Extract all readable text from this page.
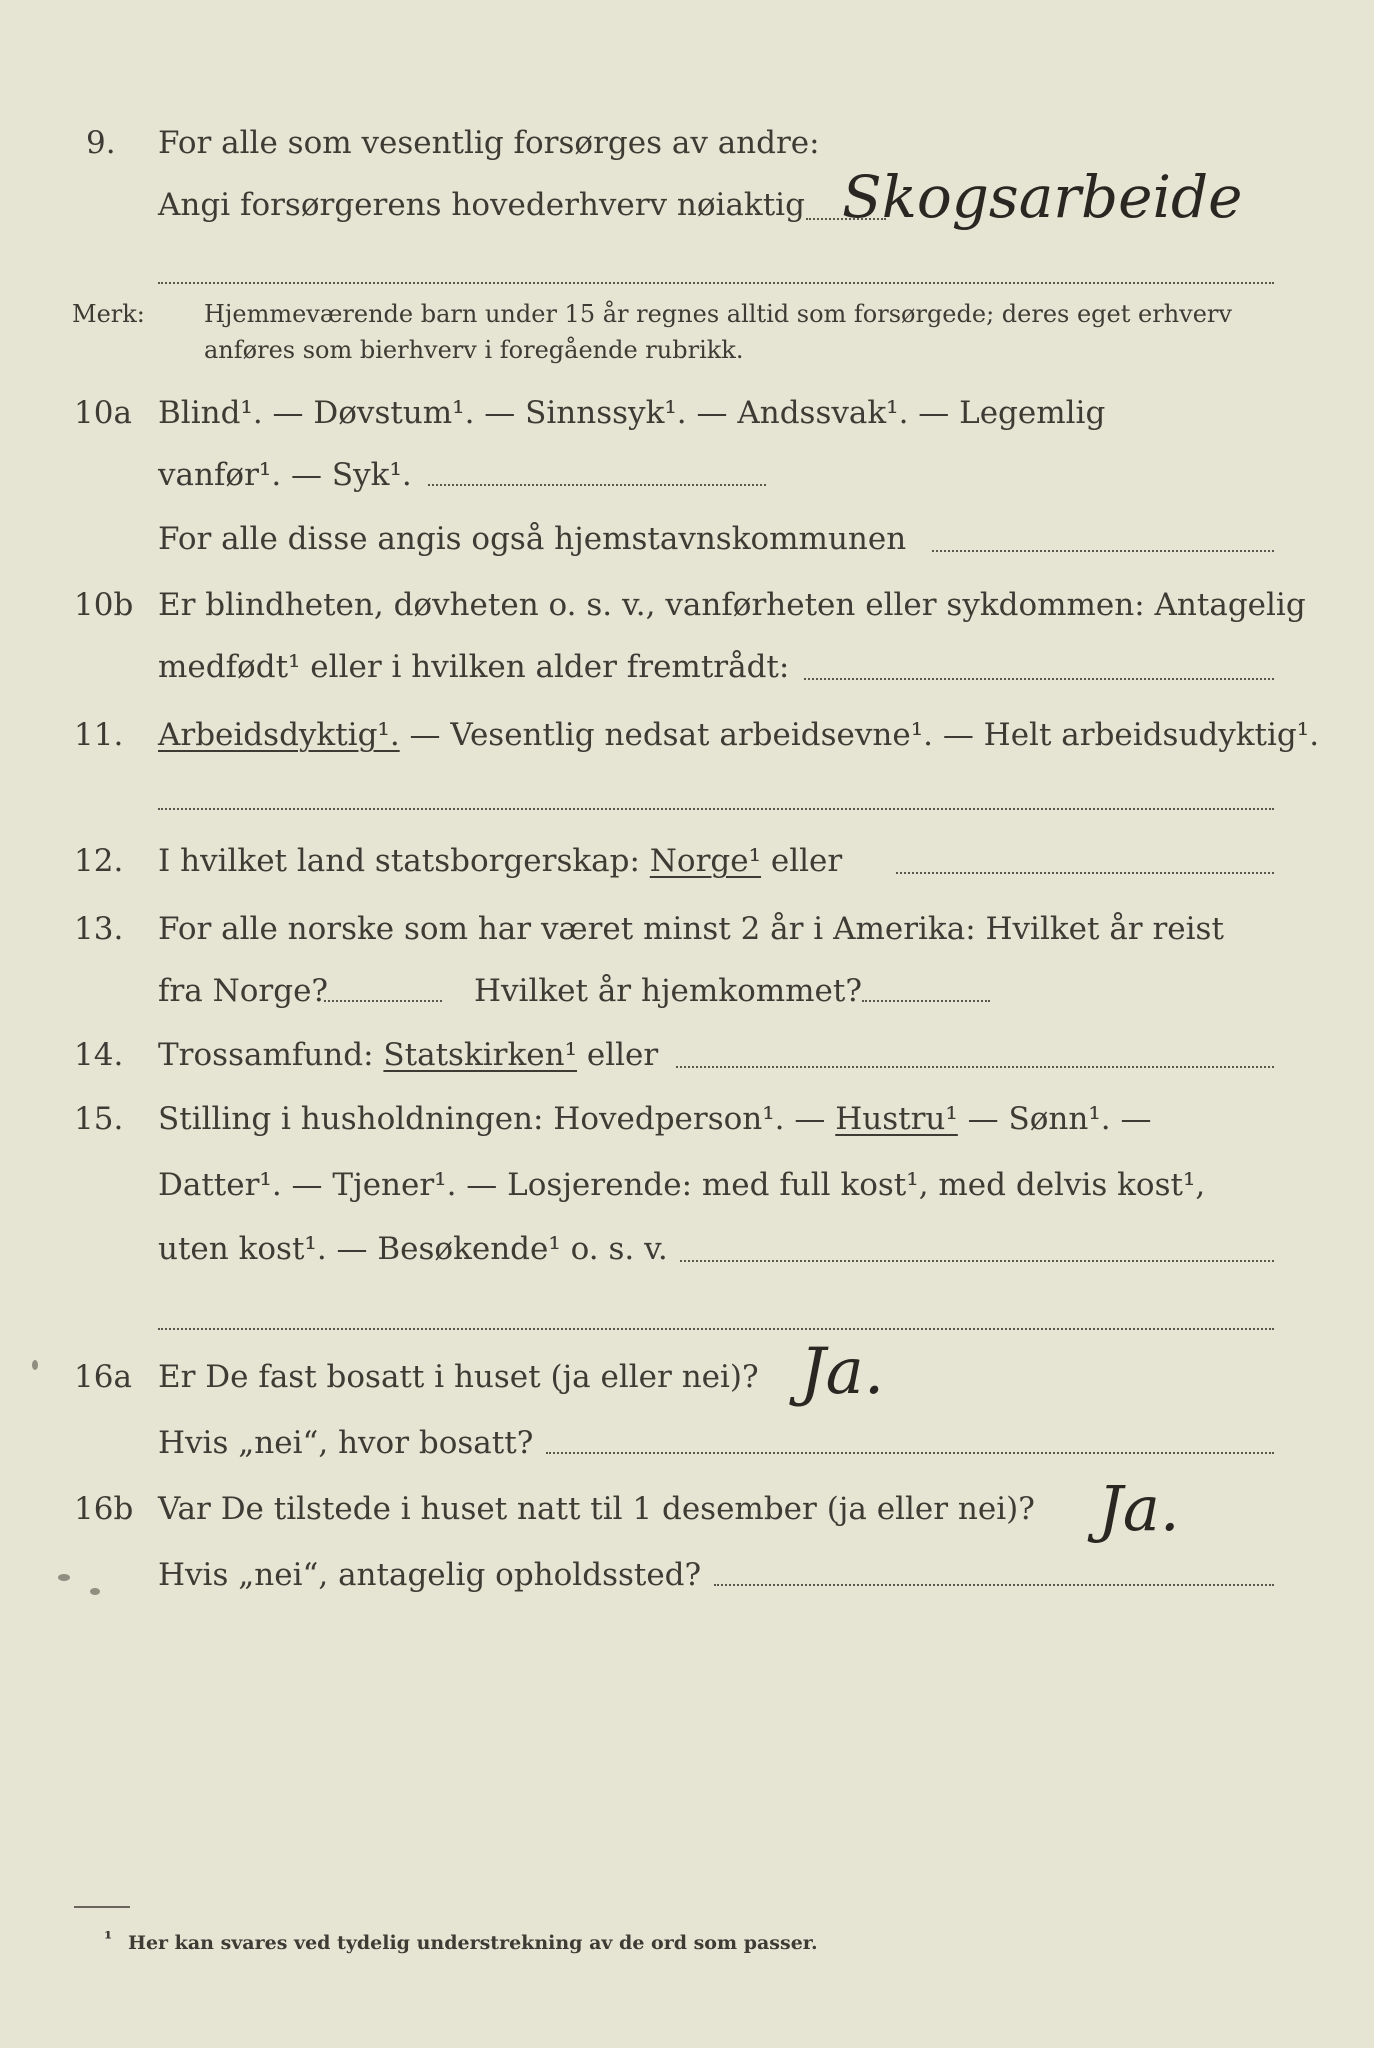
9. For alle som vesentlig forsørges av andre:
Angi forsørgerens hovederhverv nøiaktig Skogsarbeide
Merk: Hjemmeværende barn under 15 år regnes alltid som forsørgede; deres eget erhverv
anføres som bierhverv i foregående rubrikk.
10a Blind¹. — Døvstum¹. — Sinnssyk¹. — Andssvak¹. — Legemlig
vanfør¹. — Syk¹.
For alle disse angis også hjemstavnskommunen
10b Er blindheten, døvheten o. s. v., vanførheten eller sykdommen: Antagelig
medfødt¹ eller i hvilken alder fremtrådt:
11. Arbeidsdyktig¹. — Vesentlig nedsat arbeidsevne¹. — Helt arbeidsudyktig¹.
12. I hvilket land statsborgerskap: Norge¹ eller
13. For alle norske som har været minst 2 år i Amerika: Hvilket år reist
fra Norge?	Hvilket år hjemkommet?
14. Trossamfund: Statskirken¹ eller
15. Stilling i husholdningen: Hovedperson¹. — Hustru¹ — Sønn¹. —
Datter¹. — Tjener¹. — Losjerende: med full kost¹, med delvis kost¹,
uten kost¹. — Besøkende¹ o. s. v.
16a Er De fast bosatt i huset (ja eller nei)? Ja.
Hvis „nei“, hvor bosatt?
16b Var De tilstede i huset natt til 1 desember (ja eller nei)? Ja.
Hvis „nei“, antagelig opholdssted?
¹ Her kan svares ved tydelig understrekning av de ord som passer.
